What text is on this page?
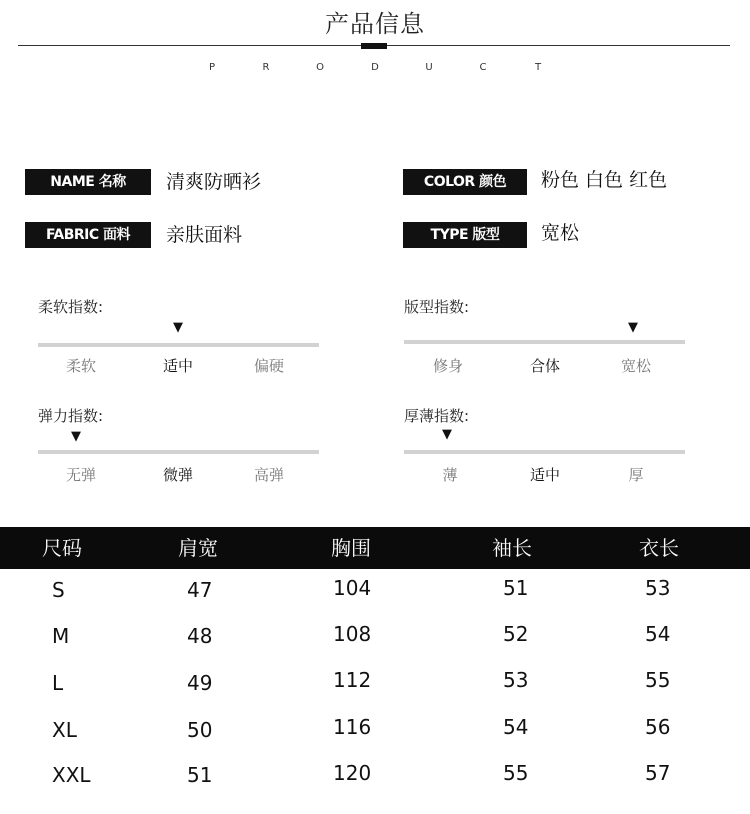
产品信息
P	R	O	D	U	C	T
NAME 名称	清爽防晒衫	COLOR 颜色	粉色 白色 红色
FABRIC 面料	亲肤面料	TYPE 版型	宽松
柔软指数:
▼
柔软	适中	偏硬
版型指数:
▼
修身	合体	宽松
弹力指数:
▼
无弹	微弹	高弹
厚薄指数:
▼
薄	适中	厚
尺码	肩宽	胸围	袖长	衣长
S	47	104	51	53
M	48	108	52	54
L	49	112	53	55
XL	50	116	54	56
XXL	51	120	55	57
